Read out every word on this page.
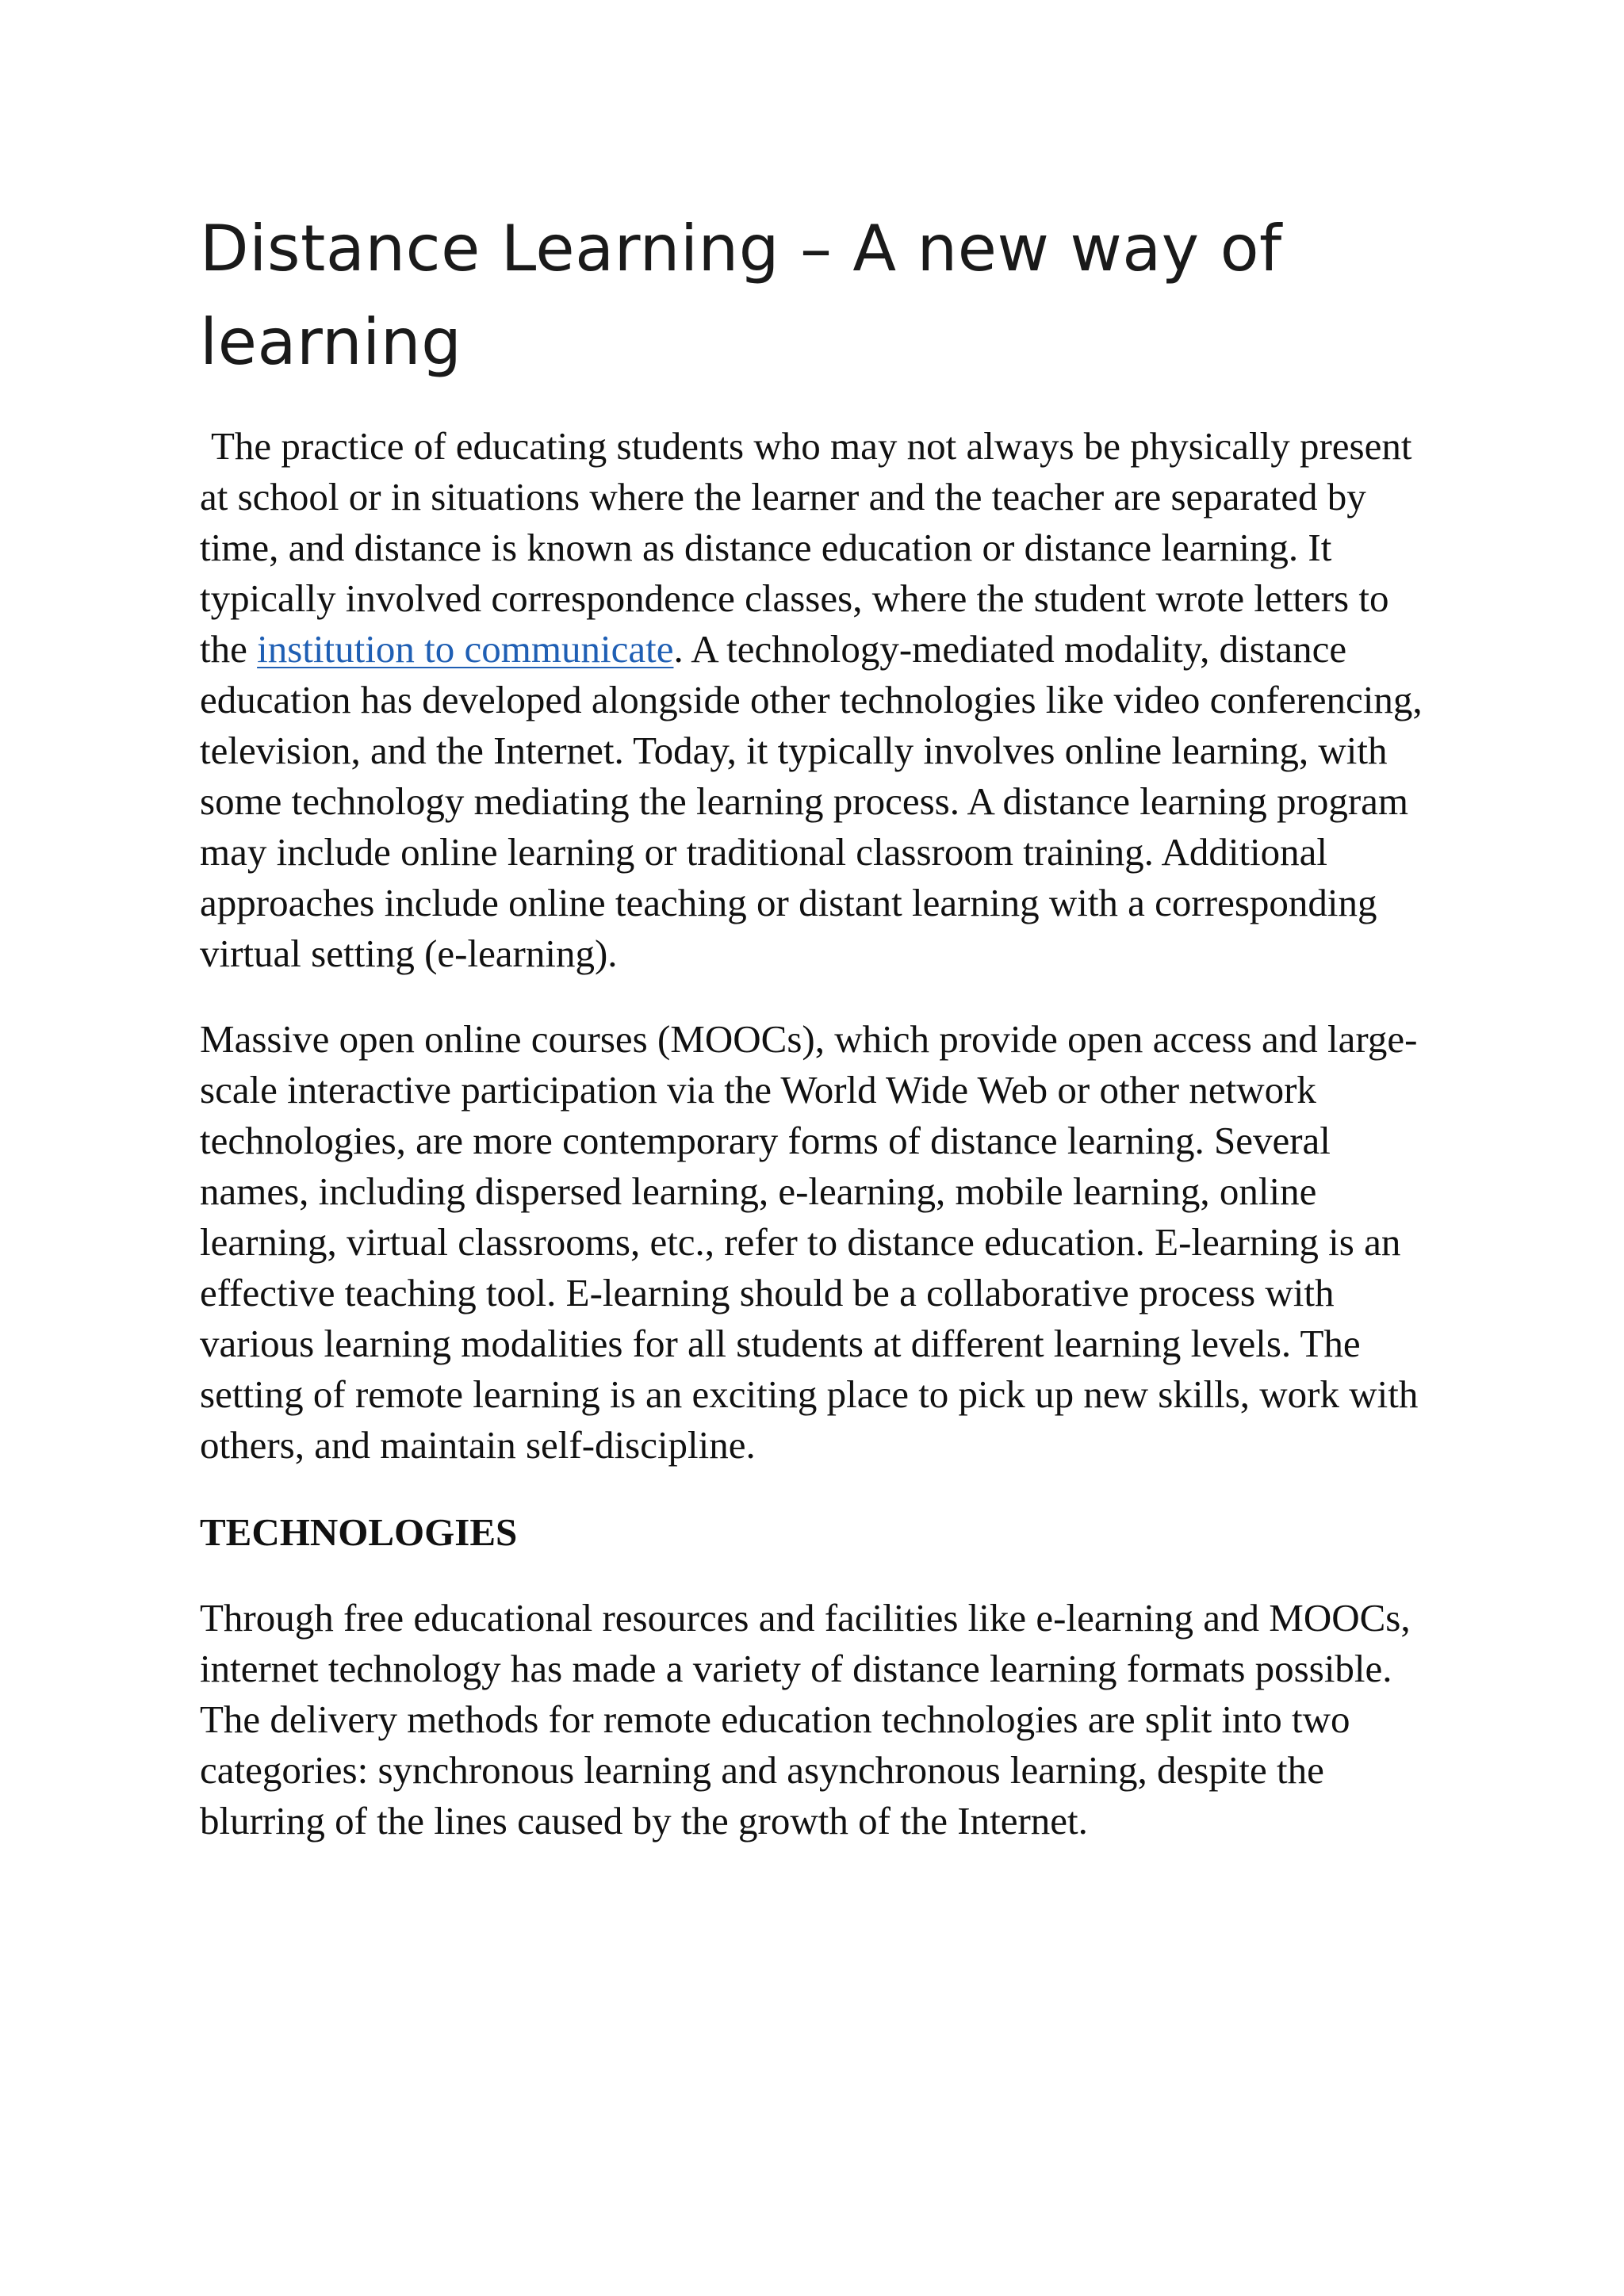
Distance Learning – A new way of learning

The practice of educating students who may not always be physically present at school or in situations where the learner and the teacher are separated by time, and distance is known as distance education or distance learning. It typically involved correspondence classes, where the student wrote letters to the institution to communicate. A technology-mediated modality, distance education has developed alongside other technologies like video conferencing, television, and the Internet. Today, it typically involves online learning, with some technology mediating the learning process. A distance learning program may include online learning or traditional classroom training. Additional approaches include online teaching or distant learning with a corresponding virtual setting (e-learning).

Massive open online courses (MOOCs), which provide open access and large-scale interactive participation via the World Wide Web or other network technologies, are more contemporary forms of distance learning. Several names, including dispersed learning, e-learning, mobile learning, online learning, virtual classrooms, etc., refer to distance education. E-learning is an effective teaching tool. E-learning should be a collaborative process with various learning modalities for all students at different learning levels. The setting of remote learning is an exciting place to pick up new skills, work with others, and maintain self-discipline.

TECHNOLOGIES

Through free educational resources and facilities like e-learning and MOOCs, internet technology has made a variety of distance learning formats possible. The delivery methods for remote education technologies are split into two categories: synchronous learning and asynchronous learning, despite the blurring of the lines caused by the growth of the Internet.
